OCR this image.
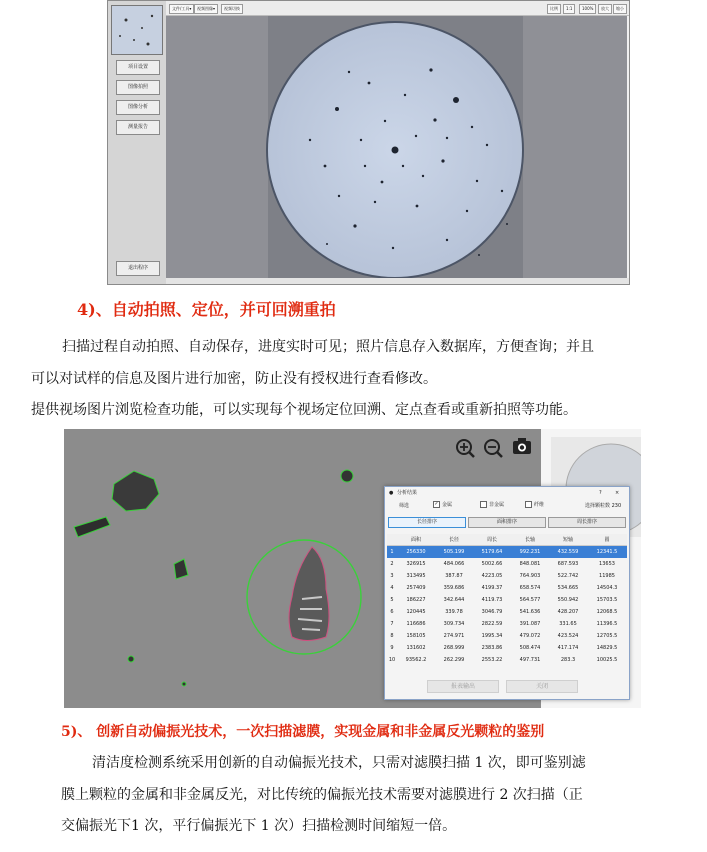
项目设置
图像拍照
图像分析
测量报告
退出程序
文件/工具▾	视频图像▾	视频切换	比例	1:1	100%	放大	缩小
4)、自动拍照、定位，并可回溯重拍
扫描过程自动拍照、自动保存，进度实时可见；照片信息存入数据库，方便查询；并且
可以对试样的信息及图片进行加密，防止没有授权进行查看修改。
提供视场图片浏览检查功能，可以实现每个视场定位回溯、定点查看或重新拍照等功能。
● 分析结果	?	×
筛选	✓ 金属	非金属	纤维	选择颗粒数 230
长径排序	面积排序	周长排序
	面积	长径	周长	长轴	短轴	圆
1	256330	505.199	5179.64	992.231	432.559	12341.5
2	326915	484.066	5002.66	848.081	687.593	13653
3	313495	387.87	4223.05	764.903	522.742	11985
4	257409	359.686	4199.37	658.574	534.665	14504.3
5	186227	342.644	4119.73	564.577	550.942	15703.5
6	120445	339.78	3046.79	541.636	428.207	12068.5
7	116686	309.734	2822.59	391.087	331.65	11396.5
8	158105	274.971	1995.34	479.072	423.524	12705.5
9	131602	268.999	2383.86	508.474	417.174	14829.5
10	93562.2	262.299	2553.22	497.731	283.3	10025.5
报表输出	关闭
5)、 创新自动偏振光技术，一次扫描滤膜，实现金属和非金属反光颗粒的鉴别
清洁度检测系统采用创新的自动偏振光技术，只需对滤膜扫描 1 次，即可鉴别滤
膜上颗粒的金属和非金属反光，对比传统的偏振光技术需要对滤膜进行 2 次扫描（正
交偏振光下1 次，平行偏振光下 1 次）扫描检测时间缩短一倍。
